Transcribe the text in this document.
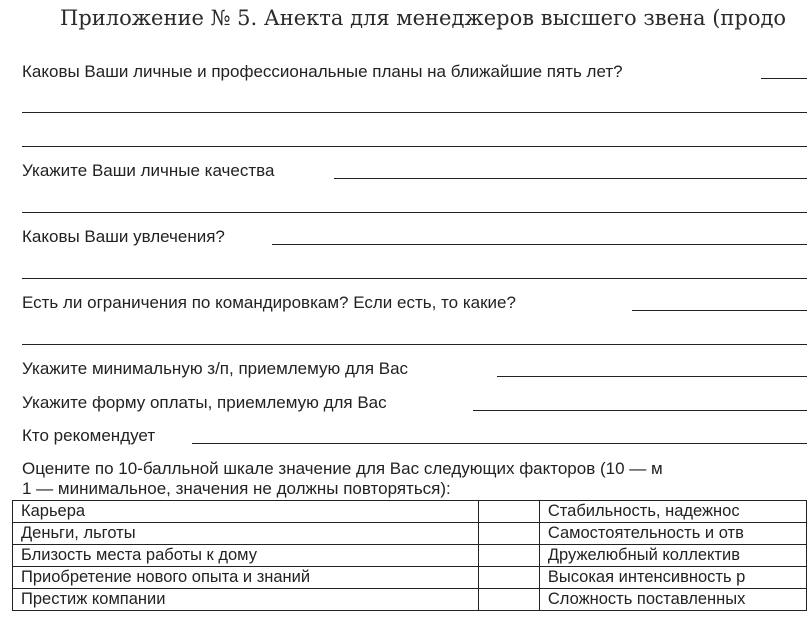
Приложение № 5. Анекта для менеджеров высшего звена (продо
Каковы Ваши личные и профессиональные планы на ближайшие пять лет?
Укажите Ваши личные качества
Каковы Ваши увлечения?
Есть ли ограничения по командировкам? Если есть, то какие?
Укажите минимальную з/п, приемлемую для Вас
Укажите форму оплаты, приемлемую для Вас
Кто рекомендует
Оцените по 10-балльной шкале значение для Вас следующих факторов (10 — м
1 — минимальное, значения не должны повторяться):
Карьера		Стабильность, надежнос
Деньги, льготы		Самостоятельность и отв
Близость места работы к дому		Дружелюбный коллектив
Приобретение нового опыта и знаний		Высокая интенсивность р
Престиж компании		Сложность поставленных
